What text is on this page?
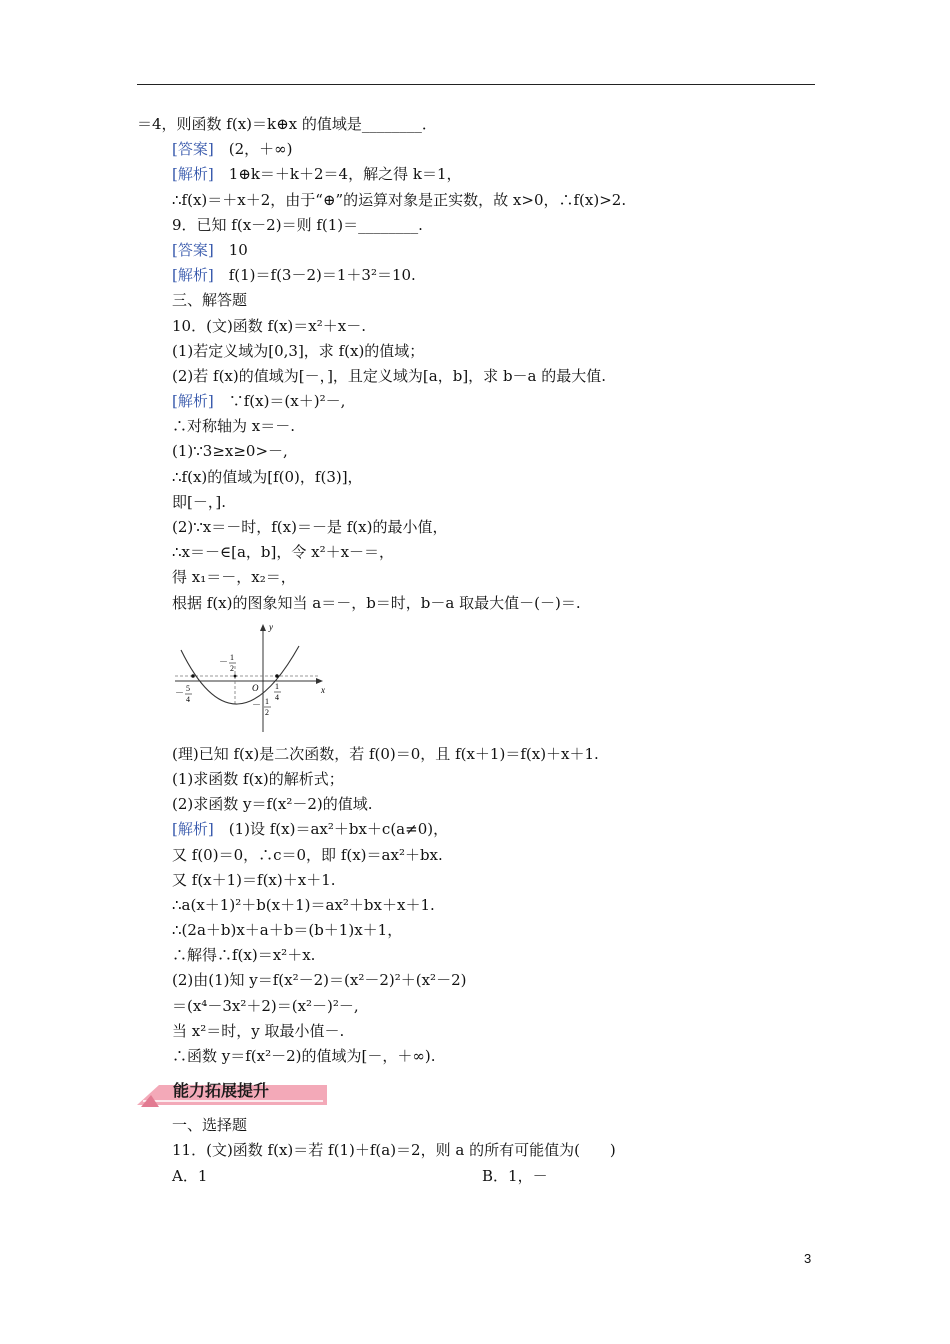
＝4，则函数 f(x)＝k⊕x 的值域是________．
[答案]　(2，＋∞)
[解析]　1⊕k＝＋k＋2＝4，解之得 k＝1，
∴f(x)＝＋x＋2，由于“⊕”的运算对象是正实数，故 x>0，∴f(x)>2.
9．已知 f(x－2)＝则 f(1)＝________.
[答案]　10
[解析]　f(1)＝f(3－2)＝1＋3²＝10.
三、解答题
10．(文)函数 f(x)＝x²＋x－.
(1)若定义域为[0,3]，求 f(x)的值域；
(2)若 f(x)的值域为[－，]，且定义域为[a，b]，求 b－a 的最大值.
[解析]　∵f(x)＝(x＋)²－,
∴对称轴为 x＝－.
(1)∵3≥x≥0>－,
∴f(x)的值域为[f(0)，f(3)]，
即[－，].
(2)∵x＝－时，f(x)＝－是 f(x)的最小值，
∴x＝－∈[a，b]，令 x²＋x－＝，
得 x₁＝－，x₂＝，
根据 f(x)的图象知当 a＝－，b＝时，b－a 取最大值－(－)＝.
y
x
O
－ 1
2
－ 5
4
1
4
－ 1
2
(理)已知 f(x)是二次函数，若 f(0)＝0，且 f(x＋1)＝f(x)＋x＋1.
(1)求函数 f(x)的解析式；
(2)求函数 y＝f(x²－2)的值域.
[解析]　(1)设 f(x)＝ax²＋bx＋c(a≠0)，
又 f(0)＝0，∴c＝0，即 f(x)＝ax²＋bx.
又 f(x＋1)＝f(x)＋x＋1.
∴a(x＋1)²＋b(x＋1)＝ax²＋bx＋x＋1.
∴(2a＋b)x＋a＋b＝(b＋1)x＋1，
∴解得∴f(x)＝x²＋x.
(2)由(1)知 y＝f(x²－2)＝(x²－2)²＋(x²－2)
＝(x⁴－3x²＋2)＝(x²－)²－,
当 x²＝时，y 取最小值－.
∴函数 y＝f(x²－2)的值域为[－，＋∞).
能力拓展提升
一、选择题
11．(文)函数 f(x)＝若 f(1)＋f(a)＝2，则 a 的所有可能值为(　　)
A．1	B．1，－
3
